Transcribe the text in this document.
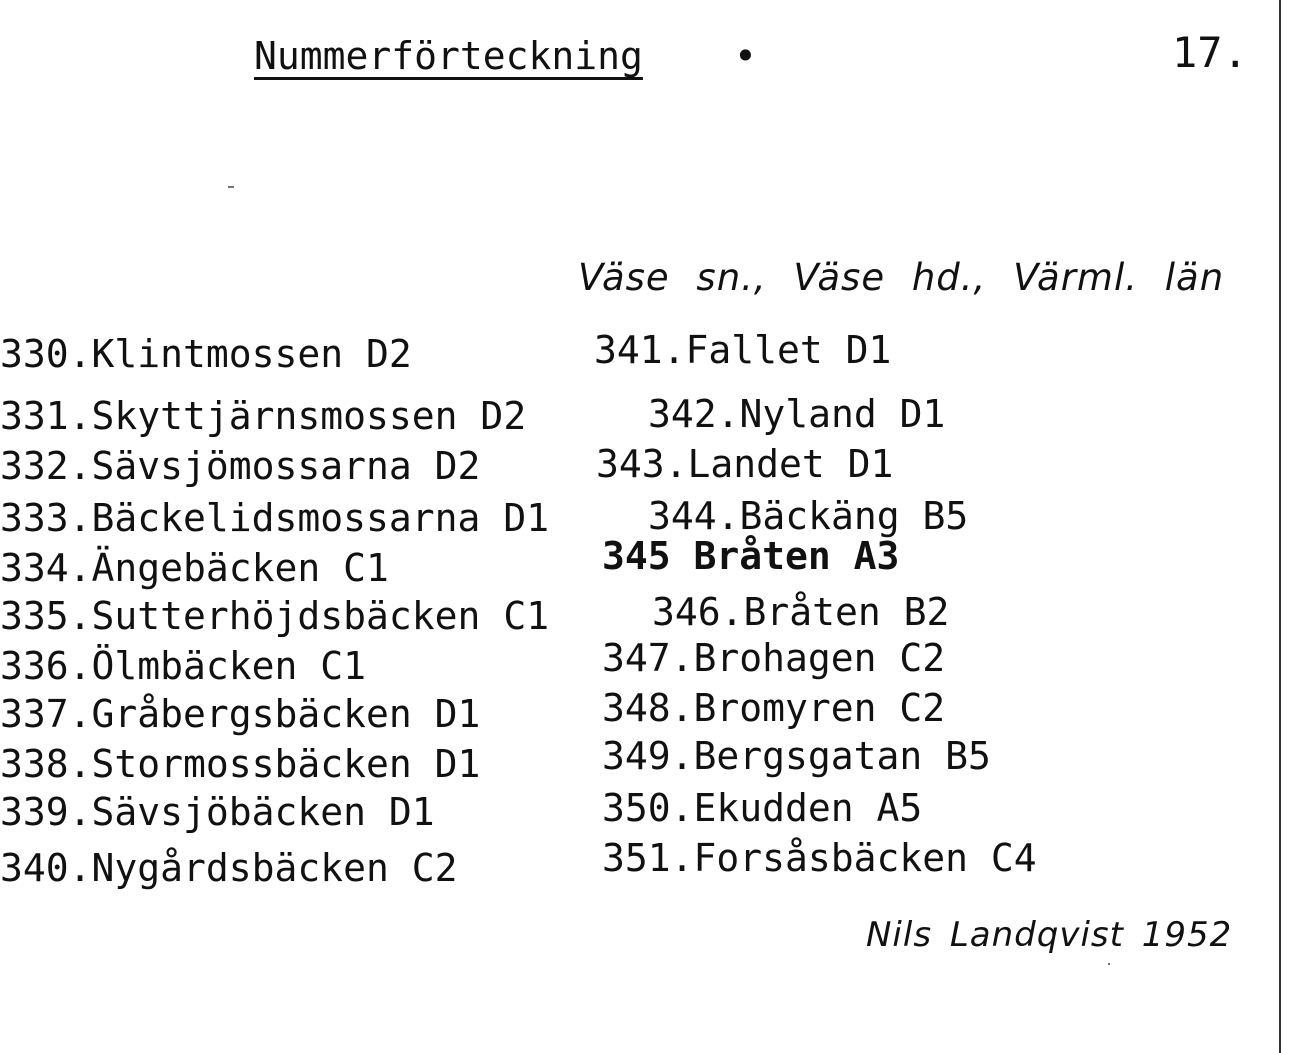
Nummerförteckning •	17.
Väse sn., Väse hd., Värml. län
330.Klintmossen D2
331.Skyttjärnsmossen D2
332.Sävsjömossarna D2
333.Bäckelidsmossarna D1
334.Ängebäcken C1
335.Sutterhöjdsbäcken C1
336.Ölmbäcken C1
337.Gråbergsbäcken D1
338.Stormossbäcken D1
339.Sävsjöbäcken D1
340.Nygårdsbäcken C2
341.Fallet D1
342.Nyland D1
343.Landet D1
344.Bäckäng B5
345 Bråten A3
346.Bråten B2
347.Brohagen C2
348.Bromyren C2
349.Bergsgatan B5
350.Ekudden A5
351.Forsåsbäcken C4
Nils Landqvist 1952
